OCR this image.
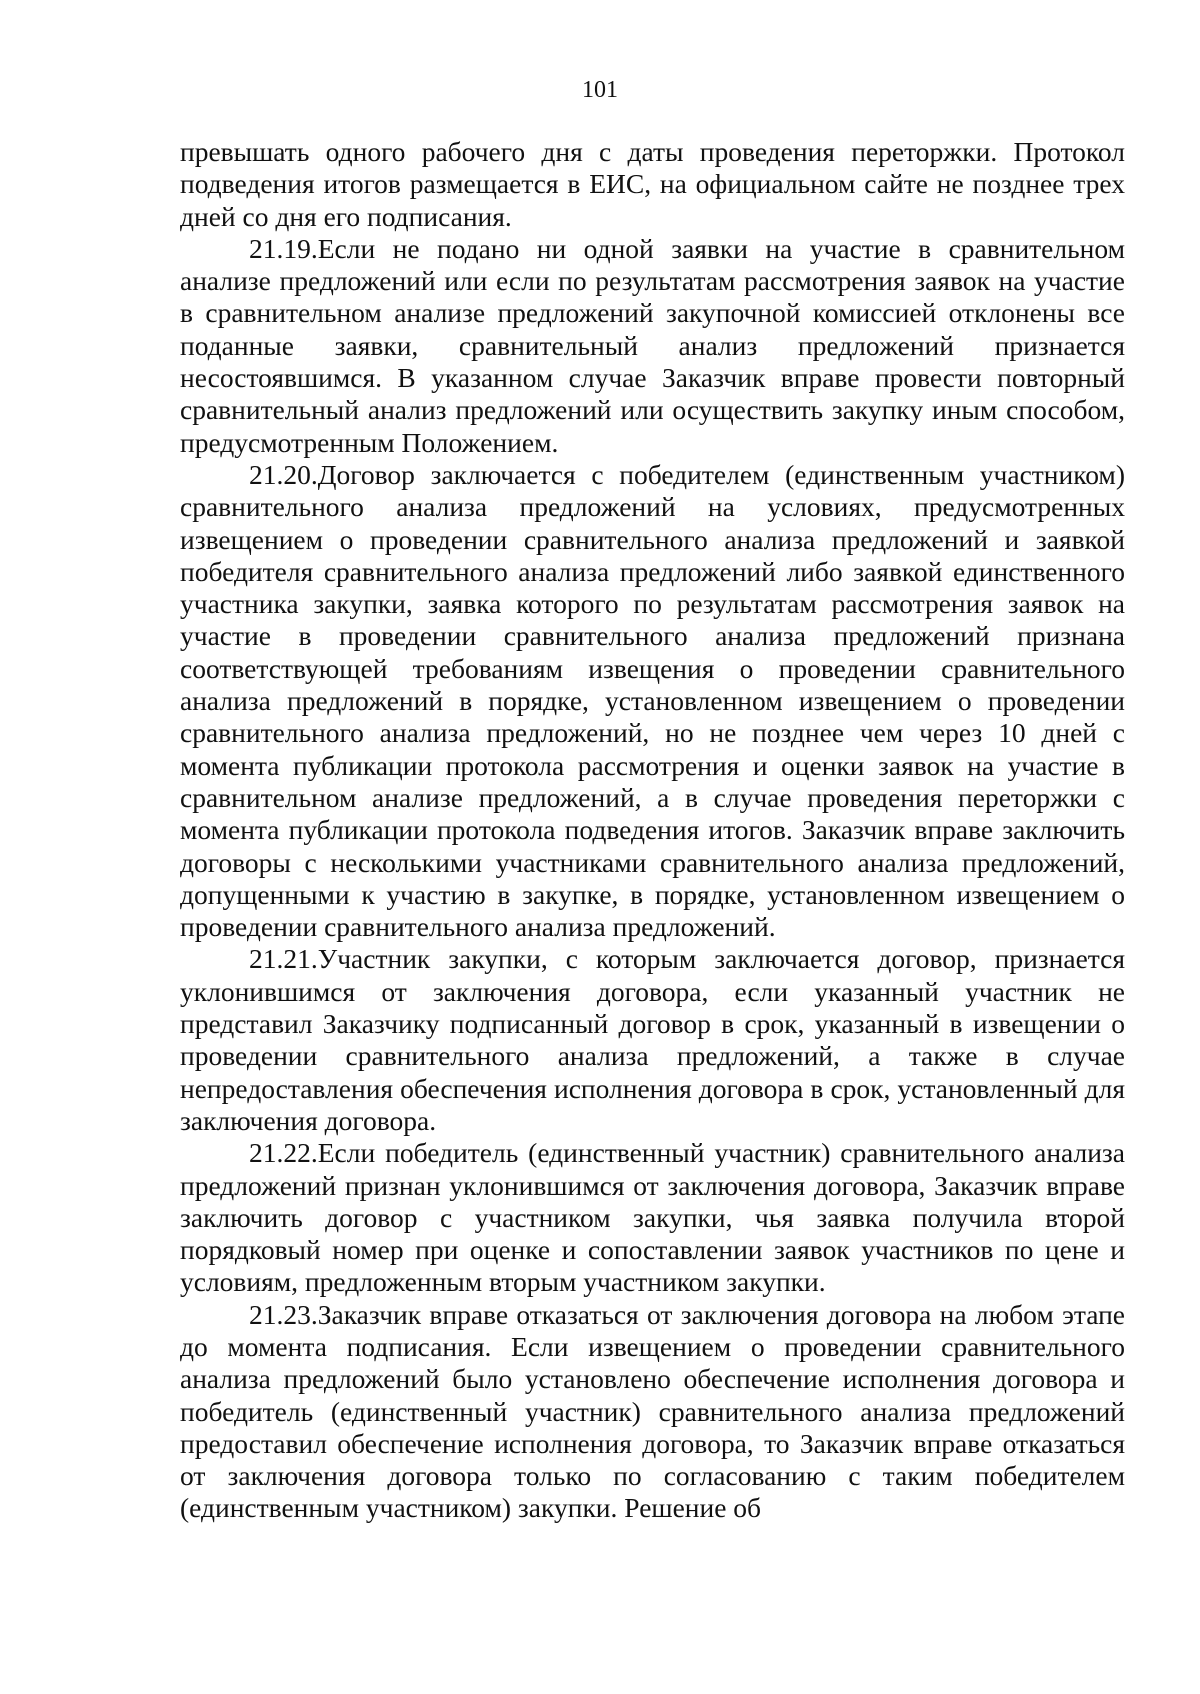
101

превышать одного рабочего дня с даты проведения переторжки. Протокол подведения итогов размещается в ЕИС, на официальном сайте не позднее трех дней со дня его подписания.

21.19.Если не подано ни одной заявки на участие в сравнительном анализе предложений или если по результатам рассмотрения заявок на участие в сравнительном анализе предложений закупочной комиссией отклонены все поданные заявки, сравнительный анализ предложений признается несостоявшимся. В указанном случае Заказчик вправе провести повторный сравнительный анализ предложений или осуществить закупку иным способом, предусмотренным Положением.

21.20.Договор заключается с победителем (единственным участником) сравнительного анализа предложений на условиях, предусмотренных извещением о проведении сравнительного анализа предложений и заявкой победителя сравнительного анализа предложений либо заявкой единственного участника закупки, заявка которого по результатам рассмотрения заявок на участие в проведении сравнительного анализа предложений признана соответствующей требованиям извещения о проведении сравнительного анализа предложений в порядке, установленном извещением о проведении сравнительного анализа предложений, но не позднее чем через 10 дней с момента публикации протокола рассмотрения и оценки заявок на участие в сравнительном анализе предложений, а в случае проведения переторжки с момента публикации протокола подведения итогов. Заказчик вправе заключить договоры с несколькими участниками сравнительного анализа предложений, допущенными к участию в закупке, в порядке, установленном извещением о проведении сравнительного анализа предложений.

21.21.Участник закупки, с которым заключается договор, признается уклонившимся от заключения договора, если указанный участник не представил Заказчику подписанный договор в срок, указанный в извещении о проведении сравнительного анализа предложений, а также в случае непредоставления обеспечения исполнения договора в срок, установленный для заключения договора.

21.22.Если победитель (единственный участник) сравнительного анализа предложений признан уклонившимся от заключения договора, Заказчик вправе заключить договор с участником закупки, чья заявка получила второй порядковый номер при оценке и сопоставлении заявок участников по цене и условиям, предложенным вторым участником закупки.

21.23.Заказчик вправе отказаться от заключения договора на любом этапе до момента подписания. Если извещением о проведении сравнительного анализа предложений было установлено обеспечение исполнения договора и победитель (единственный участник) сравнительного анализа предложений предоставил обеспечение исполнения договора, то Заказчик вправе отказаться от заключения договора только по согласованию с таким победителем (единственным участником) закупки. Решение об
